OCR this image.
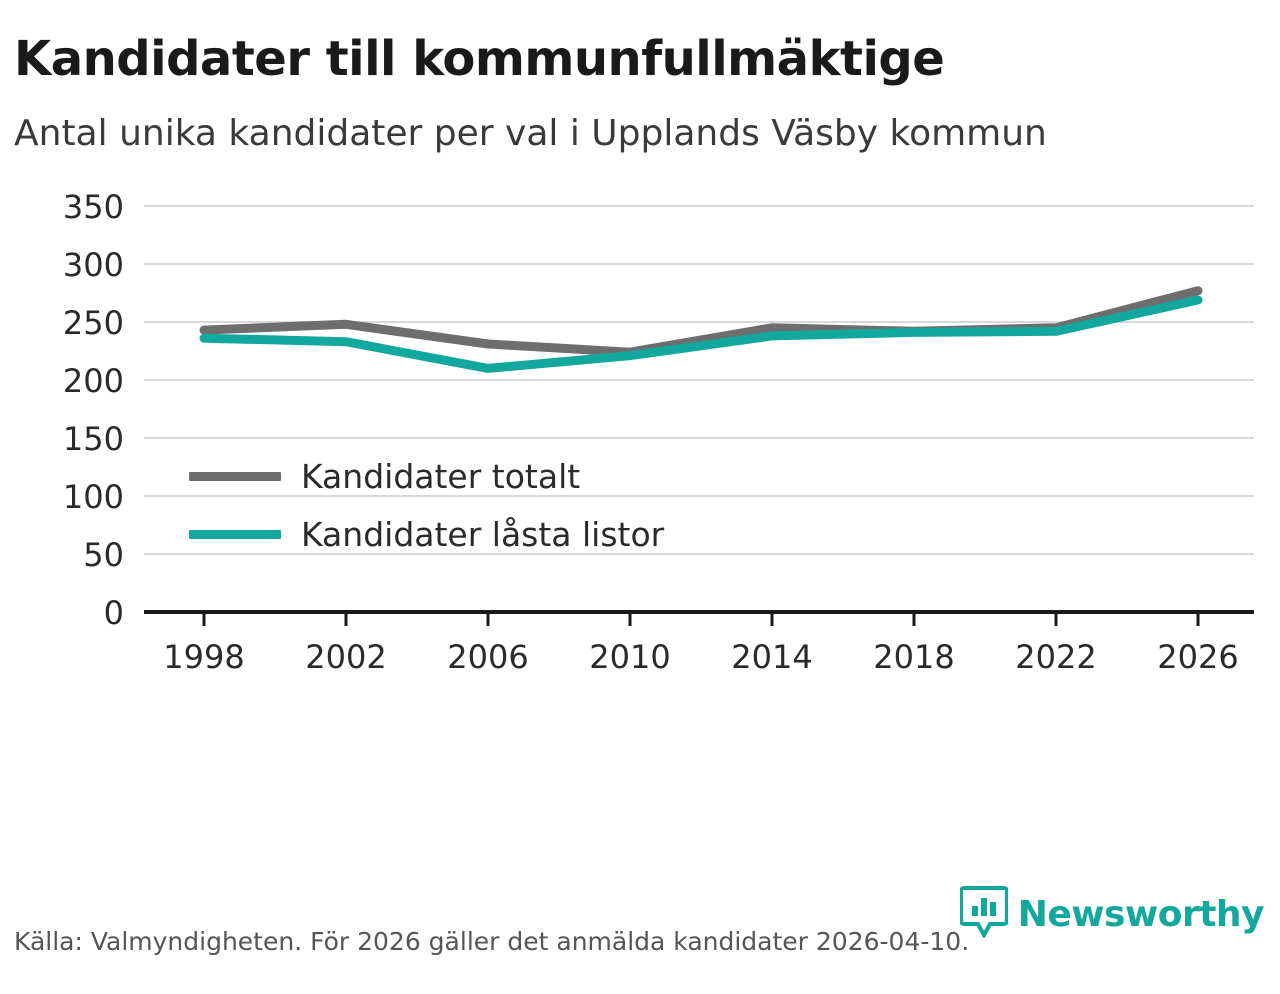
Kandidater till kommunfullmäktige
Antal unika kandidater per val i Upplands Väsby kommun
350
300
250
200
150
100
50
0
1998 2002 2006 2010 2014 2018 2022 2026
Kandidater totalt
Kandidater låsta listor
Källa: Valmyndigheten. För 2026 gäller det anmälda kandidater 2026-04-10.
Newsworthy
